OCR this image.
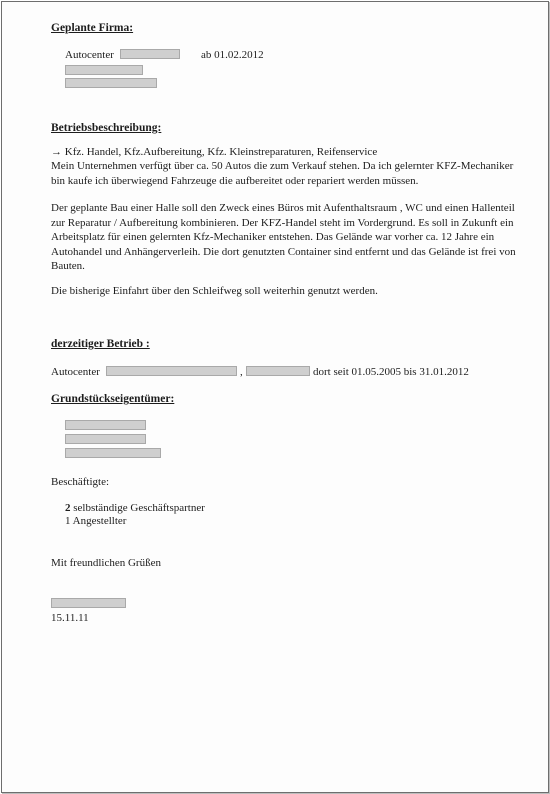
Geplante Firma:
Autocenter	ab 01.02.2012
Betriebsbeschreibung:
→ Kfz. Handel, Kfz.Aufbereitung, Kfz. Kleinstreparaturen, Reifenservice

Mein Unternehmen verfügt über ca. 50 Autos die zum Verkauf stehen. Da ich gelernter KFZ-Mechaniker bin kaufe ich überwiegend Fahrzeuge die aufbereitet oder repariert werden müssen.

Der geplante Bau einer Halle soll den Zweck eines Büros mit Aufenthaltsraum , WC und einen Hallenteil zur Reparatur / Aufbereitung kombinieren. Der KFZ-Handel steht im Vordergrund. Es soll in Zukunft ein Arbeitsplatz für einen gelernten Kfz-Mechaniker entstehen. Das Gelände war vorher ca. 12 Jahre ein Autohandel und Anhängerverleih. Die dort genutzten Container sind entfernt und das Gelände ist frei von Bauten.

Die bisherige Einfahrt über den Schleifweg soll weiterhin genutzt werden.
derzeitiger Betrieb :
Autocenter	,	dort seit 01.05.2005 bis 31.01.2012
Grundstückseigentümer:
Beschäftigte:
2 selbständige Geschäftspartner
1 Angestellter
Mit freundlichen Grüßen
15.11.11
